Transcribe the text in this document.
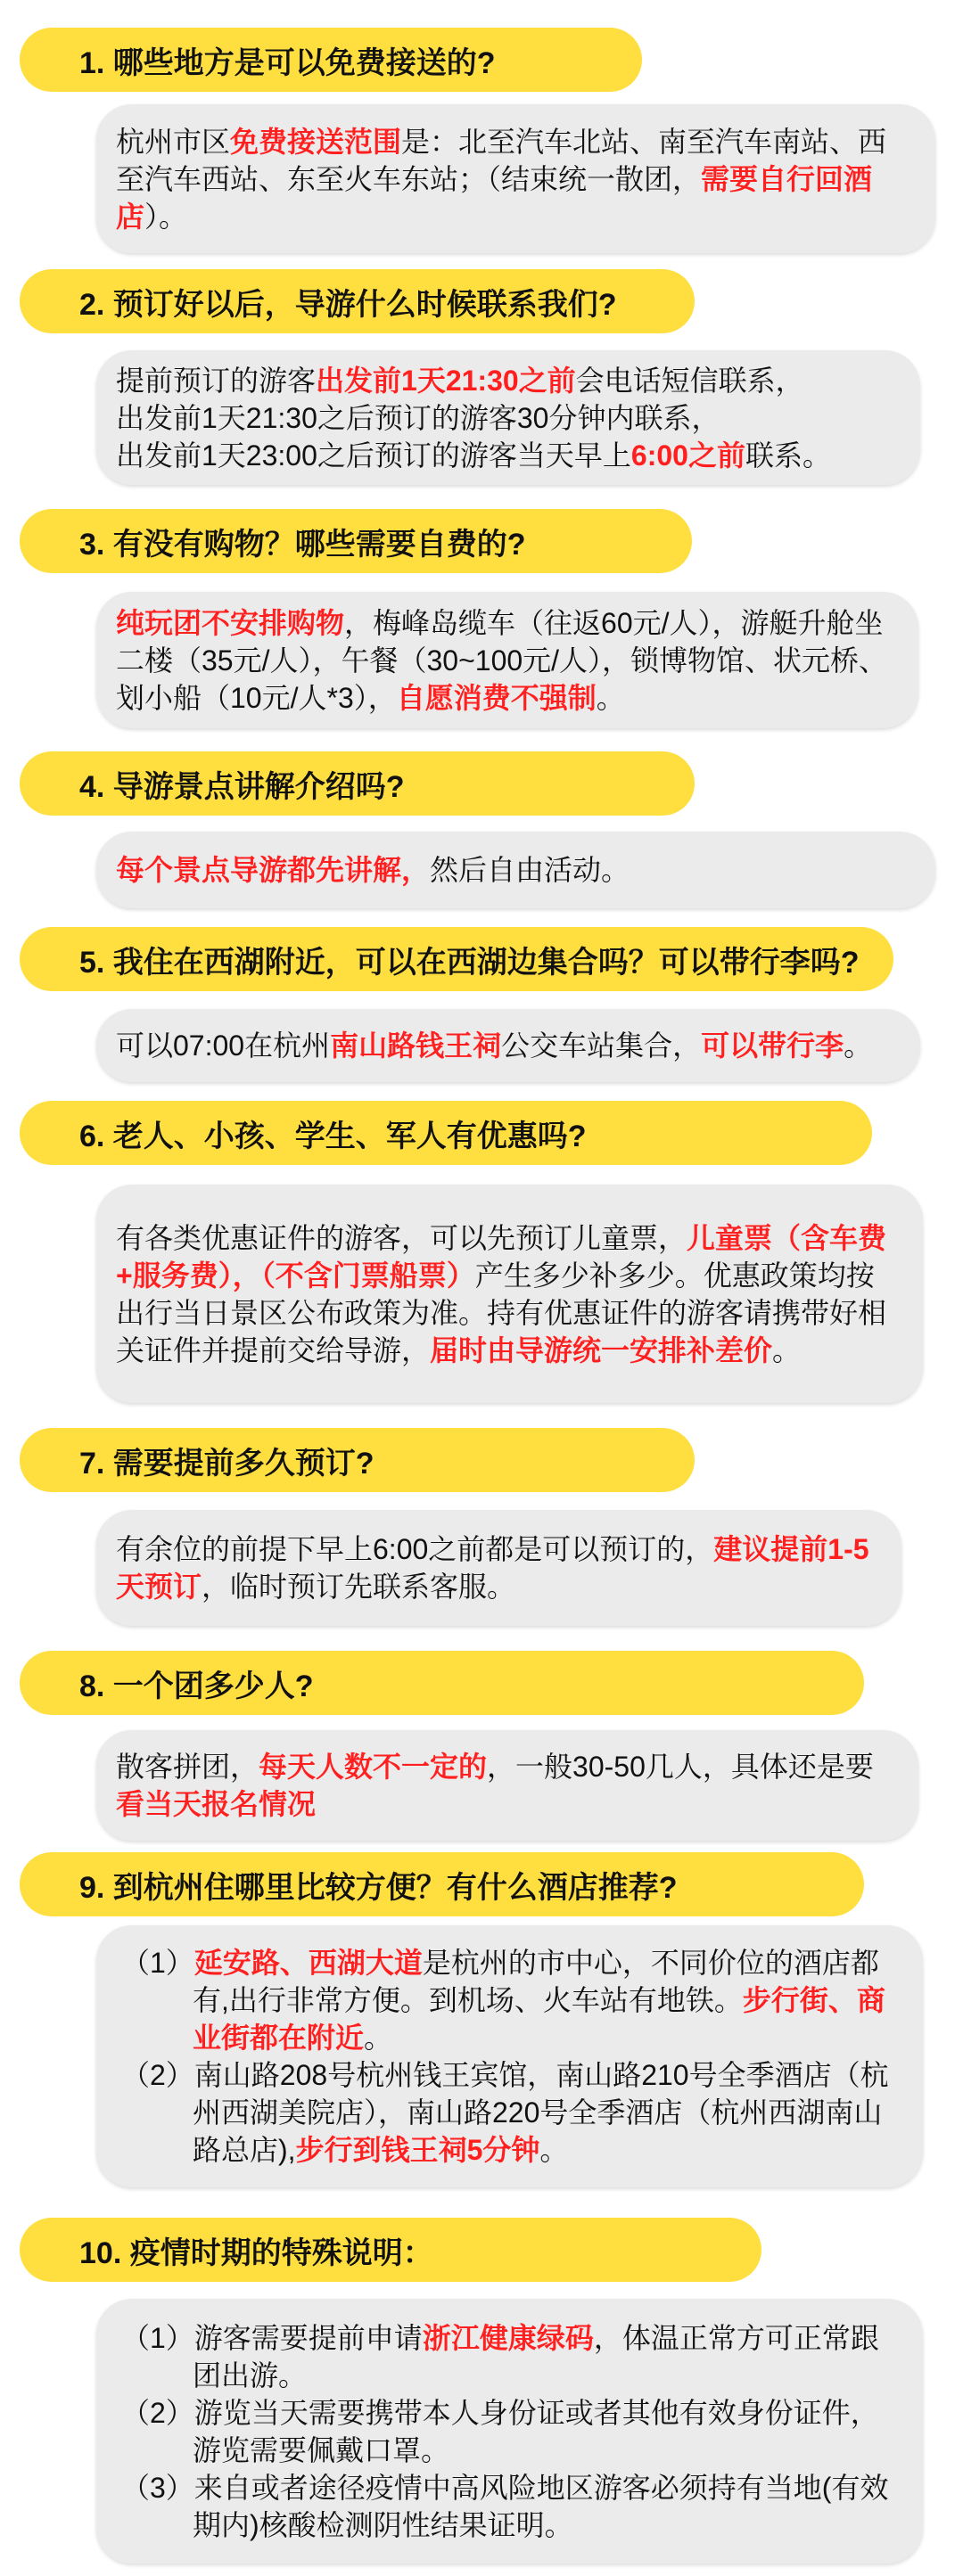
1. 哪些地方是可以免费接送的?

杭州市区免费接送范围是：北至汽车北站、南至汽车南站、西至汽车西站、东至火车东站；（结束统一散团，需要自行回酒店）。

2. 预订好以后，导游什么时候联系我们?

提前预订的游客出发前1天21:30之前会电话短信联系，

出发前1天21:30之后预订的游客30分钟内联系，

出发前1天23:00之后预订的游客当天早上6:00之前联系。

3. 有没有购物？哪些需要自费的?

纯玩团不安排购物，梅峰岛缆车（往返60元/人），游艇升舱坐二楼（35元/人），午餐（30~100元/人），锁博物馆、状元桥、划小船（10元/人*3），自愿消费不强制。

4. 导游景点讲解介绍吗?

每个景点导游都先讲解，然后自由活动。

5. 我住在西湖附近，可以在西湖边集合吗？可以带行李吗?

可以07:00在杭州南山路钱王祠公交车站集合，可以带行李。

6. 老人、小孩、学生、军人有优惠吗?

有各类优惠证件的游客，可以先预订儿童票，儿童票（含车费+服务费），（不含门票船票）产生多少补多少。优惠政策均按出行当日景区公布政策为准。持有优惠证件的游客请携带好相关证件并提前交给导游，届时由导游统一安排补差价。

7. 需要提前多久预订?

有余位的前提下早上6:00之前都是可以预订的，建议提前1-5天预订，临时预订先联系客服。

8. 一个团多少人?

散客拼团，每天人数不一定的，一般30-50几人，具体还是要看当天报名情况

9. 到杭州住哪里比较方便？有什么酒店推荐?

（1）延安路、西湖大道是杭州的市中心，不同价位的酒店都有,出行非常方便。到机场、火车站有地铁。步行街、商业街都在附近。

（2）南山路208号杭州钱王宾馆，南山路210号全季酒店（杭州西湖美院店），南山路220号全季酒店（杭州西湖南山路总店),步行到钱王祠5分钟。

10. 疫情时期的特殊说明：

（1）游客需要提前申请浙江健康绿码，体温正常方可正常跟团出游。

（2）游览当天需要携带本人身份证或者其他有效身份证件，游览需要佩戴口罩。

（3）来自或者途径疫情中高风险地区游客必须持有当地(有效期内)核酸检测阴性结果证明。
